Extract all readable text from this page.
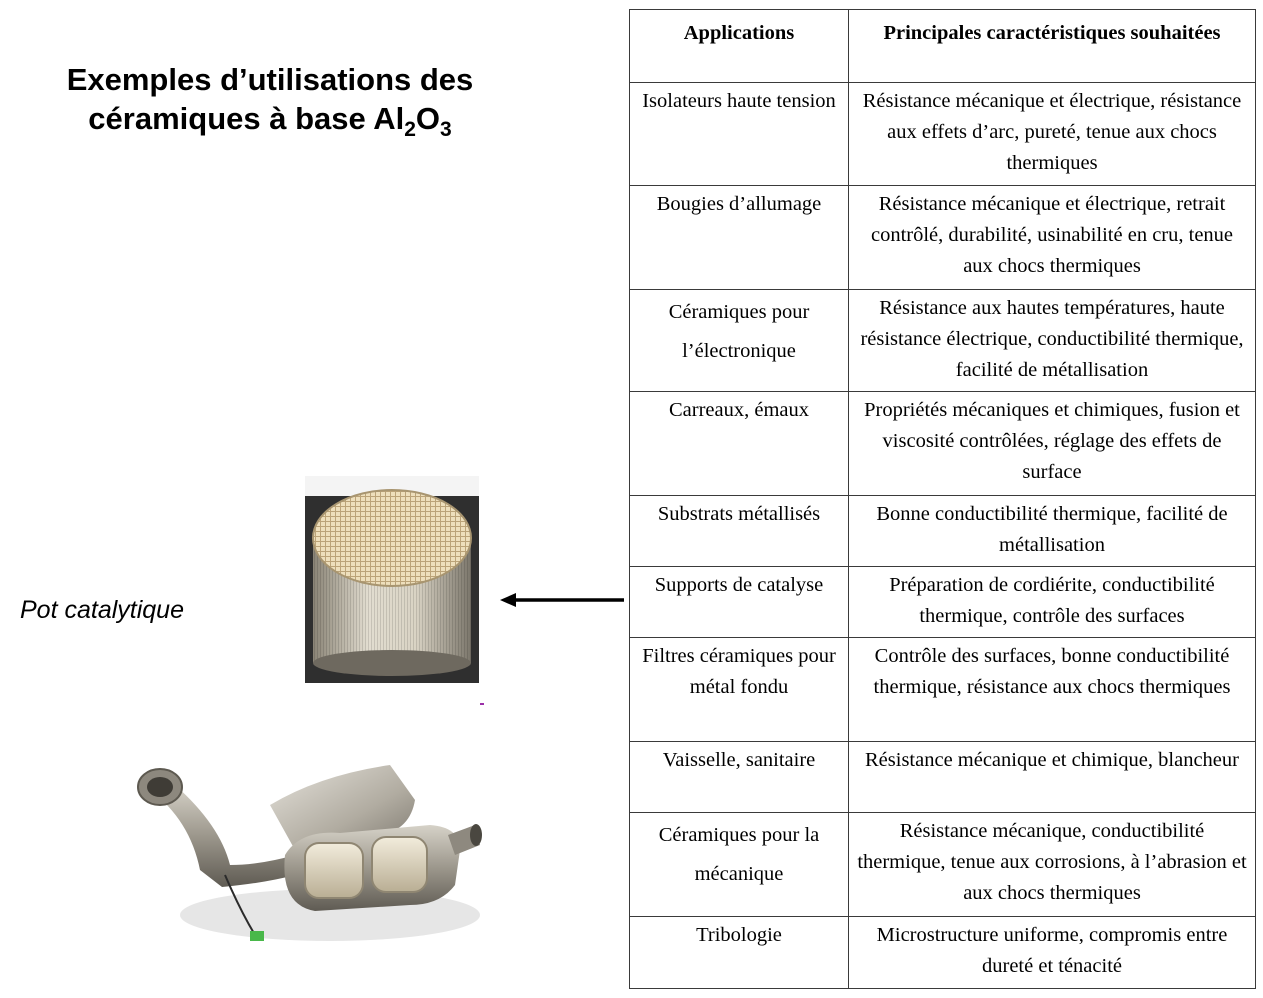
Exemples d’utilisations des céramiques à base $Al_2O_3$
Pot catalytique
Applications	Principales caractéristiques souhaitées
Isolateurs haute tension	Résistance mécanique et électrique, résistance aux effets d’arc, pureté, tenue aux chocs thermiques
Bougies d’allumage	Résistance mécanique et électrique, retrait contrôlé, durabilité, usinabilité en cru, tenue aux chocs thermiques
Céramiques pour l’électronique	Résistance aux hautes températures, haute résistance électrique, conductibilité thermique, facilité de métallisation
Carreaux, émaux	Propriétés mécaniques et chimiques, fusion et viscosité contrôlées, réglage des effets de surface
Substrats métallisés	Bonne conductibilité thermique, facilité de métallisation
Supports de catalyse	Préparation de cordiérite, conductibilité thermique, contrôle des surfaces
Filtres céramiques pour métal fondu	Contrôle des surfaces, bonne conductibilité thermique, résistance aux chocs thermiques
Vaisselle, sanitaire	Résistance mécanique et chimique, blancheur
Céramiques pour la mécanique	Résistance mécanique, conductibilité thermique, tenue aux corrosions, à l’abrasion et aux chocs thermiques
Tribologie	Microstructure uniforme, compromis entre dureté et ténacité
